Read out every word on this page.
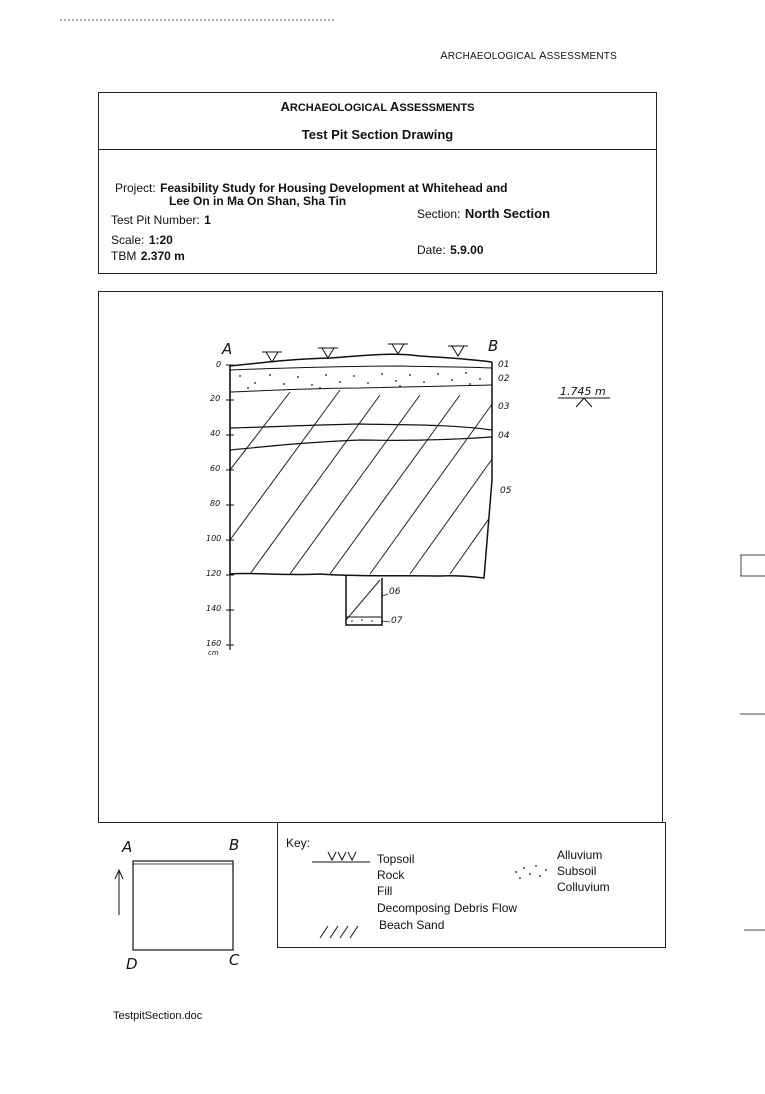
ARCHAEOLOGICAL ASSESSMENTS
ARCHAEOLOGICAL ASSESSMENTS
Test Pit Section Drawing
Project: Feasibility Study for Housing Development at Whitehead and
Lee On in Ma On Shan, Sha Tin
Test Pit Number: 1
Scale: 1:20
TBM 2.370 m
Section: North Section
Date: 5.9.00
A	B
0
20
40
60
80
100
120
140
160
cm
01
02
03
04
05
06
07
1.745 m
A	B
C
D
Key:
Topsoil
Rock
Fill
Decomposing Debris Flow
Beach Sand
Alluvium
Subsoil
Colluvium
TestpitSection.doc
